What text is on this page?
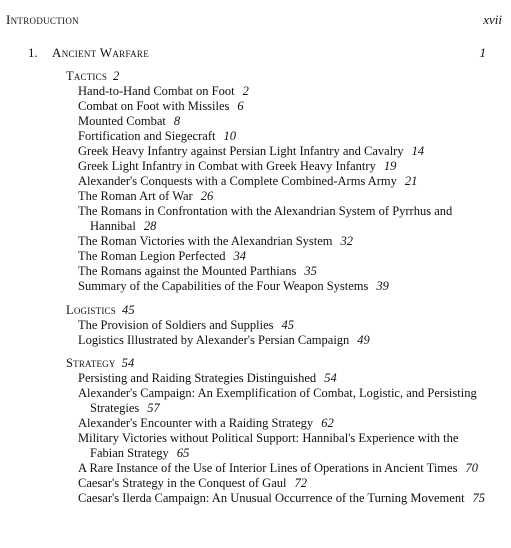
Introduction	xvii
1. Ancient Warfare	1
Tactics 2
Hand-to-Hand Combat on Foot 2
Combat on Foot with Missiles 6
Mounted Combat 8
Fortification and Siegecraft 10
Greek Heavy Infantry against Persian Light Infantry and Cavalry 14
Greek Light Infantry in Combat with Greek Heavy Infantry 19
Alexander's Conquests with a Complete Combined-Arms Army 21
The Roman Art of War 26
The Romans in Confrontation with the Alexandrian System of Pyrrhus and Hannibal 28
The Roman Victories with the Alexandrian System 32
The Roman Legion Perfected 34
The Romans against the Mounted Parthians 35
Summary of the Capabilities of the Four Weapon Systems 39
Logistics 45
The Provision of Soldiers and Supplies 45
Logistics Illustrated by Alexander's Persian Campaign 49
Strategy 54
Persisting and Raiding Strategies Distinguished 54
Alexander's Campaign: An Exemplification of Combat, Logistic, and Persisting Strategies 57
Alexander's Encounter with a Raiding Strategy 62
Military Victories without Political Support: Hannibal's Experience with the Fabian Strategy 65
A Rare Instance of the Use of Interior Lines of Operations in Ancient Times 70
Caesar's Strategy in the Conquest of Gaul 72
Caesar's Ilerda Campaign: An Unusual Occurrence of the Turning Movement 75
